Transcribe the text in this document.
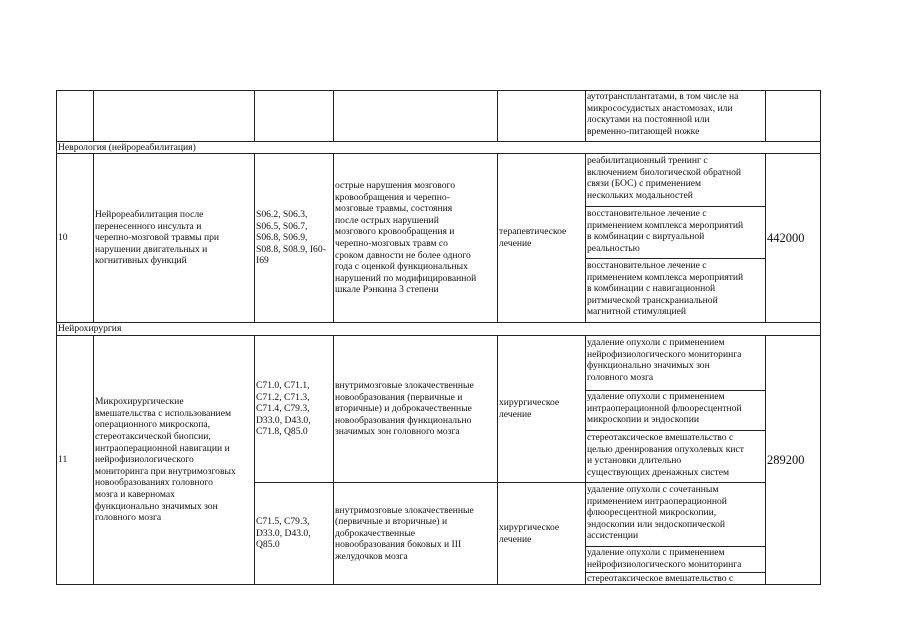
аутотрансплантатами, в том числе на
микрососудистых анастомозах, или
лоскутами на постоянной или
временно-питающей ножке
Неврология (нейрореабилитация)
10
Нейрореабилитация после
перенесенного инсульта и
черепно-мозговой травмы при
нарушении двигательных и
когнитивных функций
S06.2, S06.3,
S06.5, S06.7,
S06.8, S06.9,
S08.8, S08.9, I60-
I69
острые нарушения мозгового
кровообращения и черепно-
мозговые травмы, состояния
после острых нарушений
мозгового кровообращения и
черепно-мозговых травм со
сроком давности не более одного
года с оценкой функциональных
нарушений по модифицированной
шкале Рэнкина 3 степени
терапевтическое
лечение
реабилитационный тренинг с
включением биологической обратной
связи (БОС) с применением
нескольких модальностей
восстановительное лечение с
применением комплекса мероприятий
в комбинации с виртуальной
реальностью
восстановительное лечение с
применением комплекса мероприятий
в комбинации с навигационной
ритмической транскраниальной
магнитной стимуляцией
442000
Нейрохирургия
11
Микрохирургические
вмешательства с использованием
операционного микроскопа,
стереотаксической биопсии,
интраоперационной навигации и
нейрофизиологического
мониторинга при внутримозговых
новообразованиях головного
мозга и каверномах
функционально значимых зон
головного мозга
C71.0, C71.1,
C71.2, C71.3,
C71.4, C79.3,
D33.0, D43.0,
C71.8, Q85.0
внутримозговые злокачественные
новообразования (первичные и
вторичные) и доброкачественные
новообразования функционально
значимых зон головного мозга
хирургическое
лечение
удаление опухоли с применением
нейрофизиологического мониторинга
функционально значимых зон
головного мозга
удаление опухоли с применением
интраоперационной флюоресцентной
микроскопии и эндоскопии
стереотаксическое вмешательство с
целью дренирования опухолевых кист
и установки длительно
существующих дренажных систем
C71.5, C79.3,
D33.0, D43.0,
Q85.0
внутримозговые злокачественные
(первичные и вторичные) и
доброкачественные
новообразования боковых и III
желудочков мозга
хирургическое
лечение
удаление опухоли с сочетанным
применением интраоперационной
флюоресцентной микроскопии,
эндоскопии или эндоскопической
ассистенции
удаление опухоли с применением
нейрофизиологического мониторинга
стереотаксическое вмешательство с
289200
